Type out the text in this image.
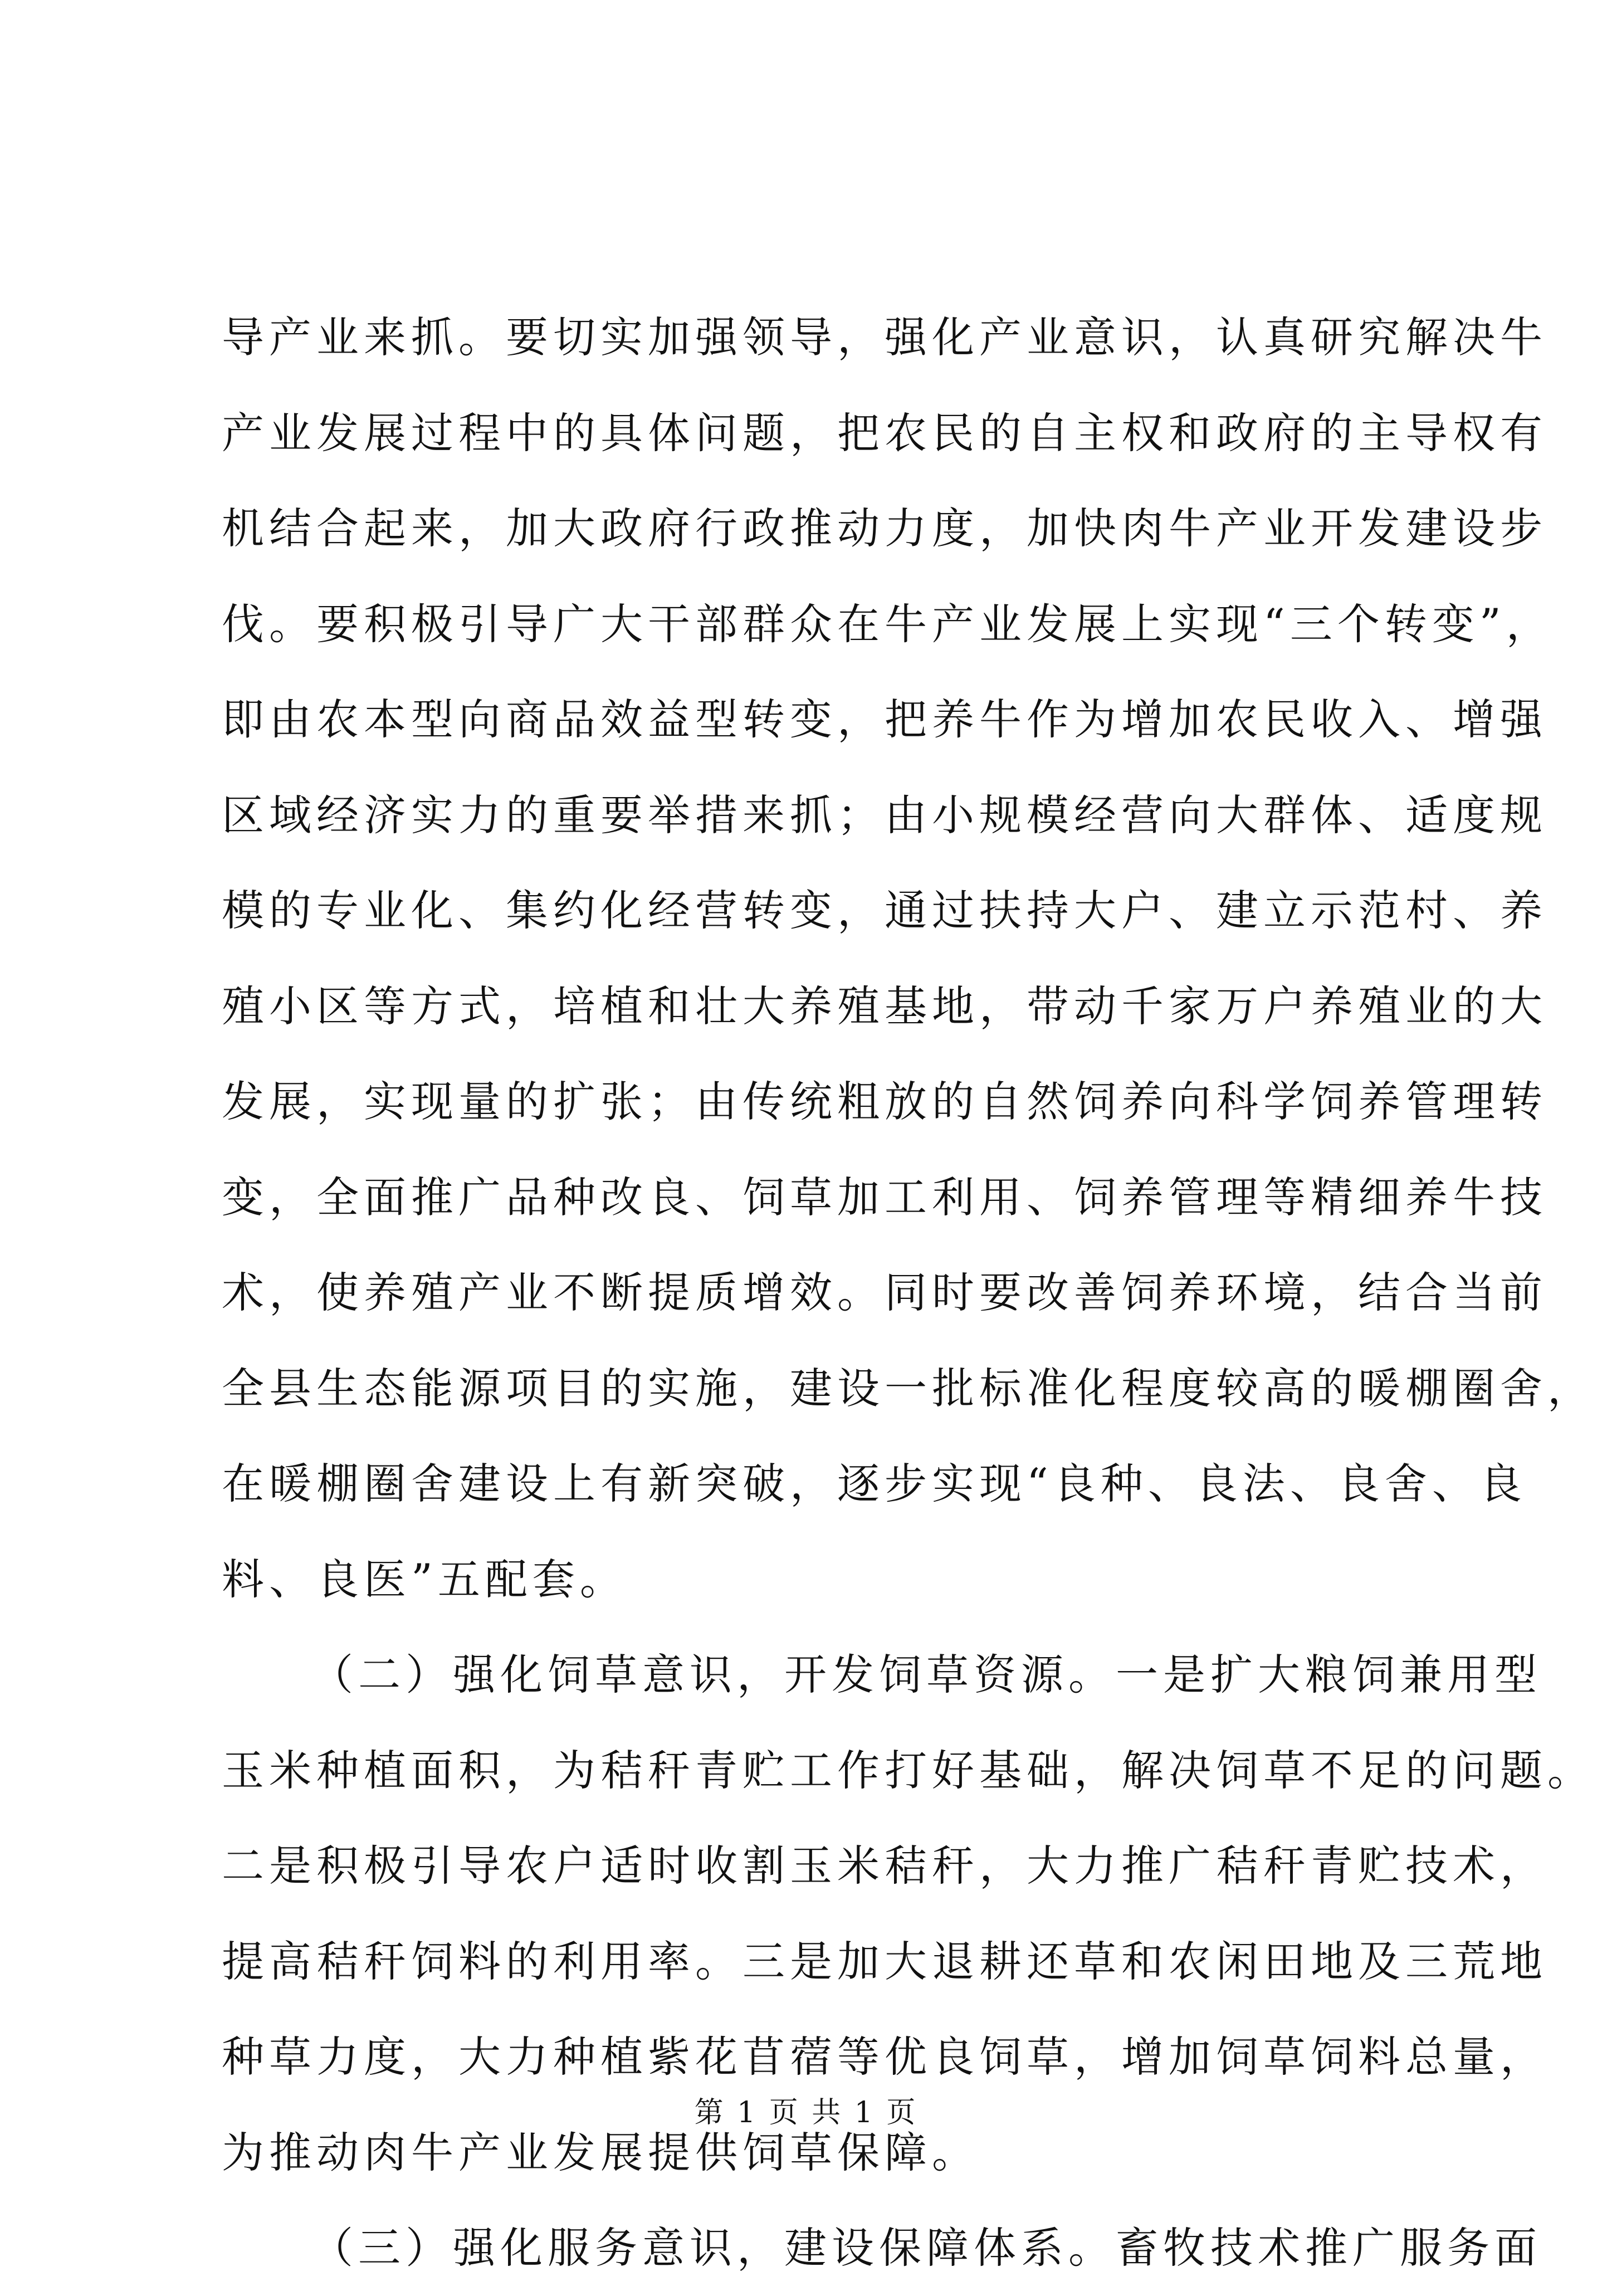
导产业来抓。要切实加强领导，强化产业意识，认真研究解决牛
产业发展过程中的具体问题，把农民的自主权和政府的主导权有
机结合起来，加大政府行政推动力度，加快肉牛产业开发建设步
伐。要积极引导广大干部群众在牛产业发展上实现“三个转变”，
即由农本型向商品效益型转变，把养牛作为增加农民收入、增强
区域经济实力的重要举措来抓；由小规模经营向大群体、适度规
模的专业化、集约化经营转变，通过扶持大户、建立示范村、养
殖小区等方式，培植和壮大养殖基地，带动千家万户养殖业的大
发展，实现量的扩张；由传统粗放的自然饲养向科学饲养管理转
变，全面推广品种改良、饲草加工利用、饲养管理等精细养牛技
术，使养殖产业不断提质增效。同时要改善饲养环境，结合当前
全县生态能源项目的实施，建设一批标准化程度较高的暖棚圈舍，
在暖棚圈舍建设上有新突破，逐步实现“良种、良法、良舍、良
料、良医”五配套。
（二）强化饲草意识，开发饲草资源。一是扩大粮饲兼用型
玉米种植面积，为秸秆青贮工作打好基础，解决饲草不足的问题。
二是积极引导农户适时收割玉米秸秆，大力推广秸秆青贮技术，
提高秸秆饲料的利用率。三是加大退耕还草和农闲田地及三荒地
种草力度，大力种植紫花苜蓿等优良饲草，增加饲草饲料总量，
为推动肉牛产业发展提供饲草保障。
（三）强化服务意识，建设保障体系。畜牧技术推广服务面
第 1 页 共 1 页
